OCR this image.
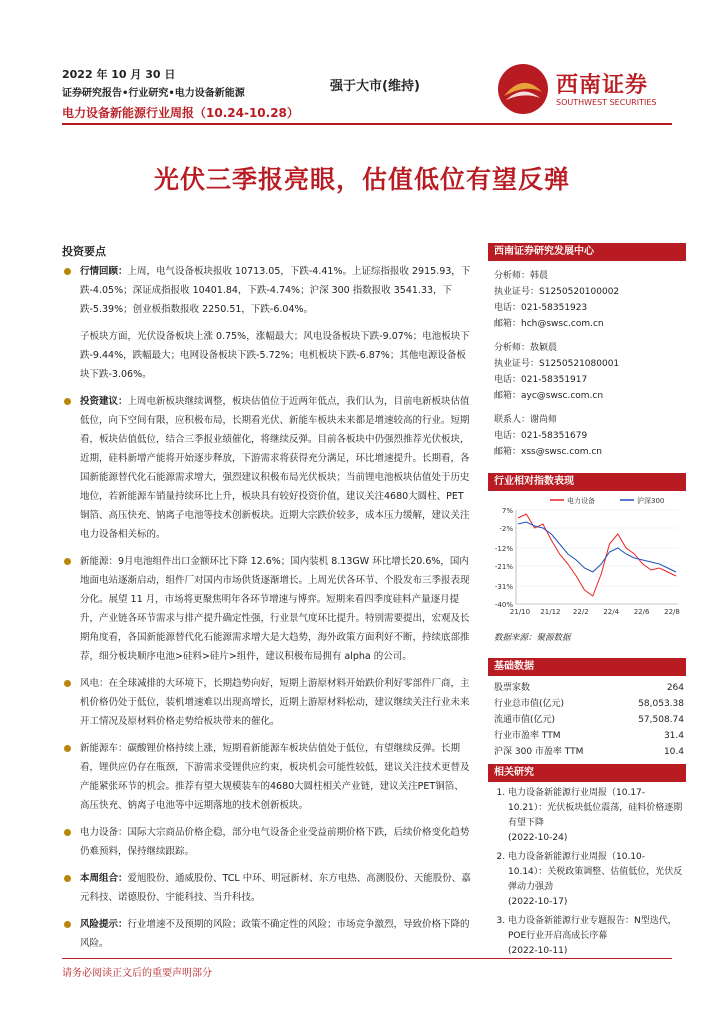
2022 年 10 月 30 日
证券研究报告•行业研究•电力设备新能源
电力设备新能源行业周报（10.24-10.28）
强于大市(维持)	西南证券
SOUTHWEST SECURITIES
光伏三季报亮眼，估值低位有望反弹
投资要点

行情回顾：上周，电气设备板块报收 10713.05，下跌-4.41%。上证综指报收 2915.93，下跌-4.05%；深证成指报收 10401.84，下跌-4.74%；沪深 300 指数报收 3541.33，下跌-5.39%；创业板指数报收 2250.51，下跌-6.04%。

子板块方面，光伏设备板块上涨 0.75%，涨幅最大；风电设备板块下跌-9.07%；电池板块下跌-9.44%，跌幅最大；电网设备板块下跌-5.72%；电机板块下跌-6.87%；其他电源设备板块下跌-3.06%。

投资建议：上周电新板块继续调整，板块估值位于近两年低点，我们认为，目前电新板块估值低位，向下空间有限，应积极布局，长期看光伏、新能车板块未来都是增速较高的行业。短期看，板块估值低位，结合三季报业绩催化，将继续反弹。目前各板块中仍强烈推荐光伏板块，近期，硅料新增产能将开始逐步释放，下游需求将获得充分满足，环比增速提升。长期看，各国新能源替代化石能源需求增大，强烈建议积极布局光伏板块；当前锂电池板块估值处于历史地位，若新能源车销量持续环比上升，板块具有较好投资价值，建议关注4680大圆柱、PET铜箔、高压快充、钠离子电池等技术创新板块。近期大宗跌价较多，成本压力缓解，建议关注电力设备相关标的。

新能源：9月电池组件出口金额环比下降 12.6%；国内装机 8.13GW 环比增长20.6%，国内地面电站逐渐启动，组件厂对国内市场供货逐渐增长。上周光伏各环节、个股发布三季报表现分化。展望 11 月，市场将更聚焦明年各环节增速与博弈。短期来看四季度硅料产量逐月提升，产业链各环节需求与排产提升确定性强，行业景气度环比提升。特别需要提出，宏观及长期角度看，各国新能源替代化石能源需求增大是大趋势，海外政策方面利好不断，持续底部推荐，细分板块顺序电池>硅料>硅片>组件，建议积极布局拥有 alpha 的公司。

风电：在全球减排的大环境下，长期趋势向好，短期上游原材料开始跌价利好零部件厂商，主机价格仍处于低位，装机增速难以出现高增长，近期上游原材料松动，建议继续关注行业未来开工情况及原材料价格走势给板块带来的催化。

新能源车：碳酸锂价格持续上涨，短期看新能源车板块估值处于低位，有望继续反弹。长期看，锂供应仍存在瓶颈，下游需求受锂供应约束，板块机会可能性较低，建议关注技术更替及产能紧张环节的机会。推荐有望大规模装车的4680大圆柱相关产业链，建议关注PET铜箔、高压快充、钠离子电池等中远期落地的技术创新板块。

电力设备：国际大宗商品价格企稳，部分电气设备企业受益前期价格下跌，后续价格变化趋势仍难预料，保持继续跟踪。

本周组合：爱旭股份、通威股份、TCL 中环、明冠新材、东方电热、高测股份、天能股份、嘉元科技、诺德股份、宇能科技、当升科技。

风险提示：行业增速不及预期的风险；政策不确定性的风险；市场竞争激烈，导致价格下降的风险。

西南证券研究发展中心
分析师：韩晨
执业证号：S1250520100002
电话：021-58351923
邮箱：hch@swsc.com.cn
分析师：敖颖晨
执业证号：S1250521080001
电话：021-58351917
邮箱：ayc@swsc.com.cn
联系人：谢尚师
电话：021-58351679
邮箱：xss@swsc.com.cn
行业相对指数表现
7%
-2%
-12%
-21%
-31%
-40%
21/10 21/12 22/2 22/4 22/6 22/8
电力设备	沪深300
数据来源：聚源数据
基础数据
股票家数	264
行业总市值(亿元)	58,053.38
流通市值(亿元)	57,508.74
行业市盈率 TTM	31.4
沪深 300 市盈率 TTM	10.4
相关研究
1. 电力设备新能源行业周报（10.17-10.21）：光伏板块低位震荡，硅料价格逐期有望下降
(2022-10-24)
2. 电力设备新能源行业周报（10.10-10.14）：关税政策调整、估值低位，光伏反弹动力强劲
(2022-10-17)
3. 电力设备新能源行业专题报告：N型迭代，POE行业开启高成长序幕
(2022-10-11)
请务必阅读正文后的重要声明部分
